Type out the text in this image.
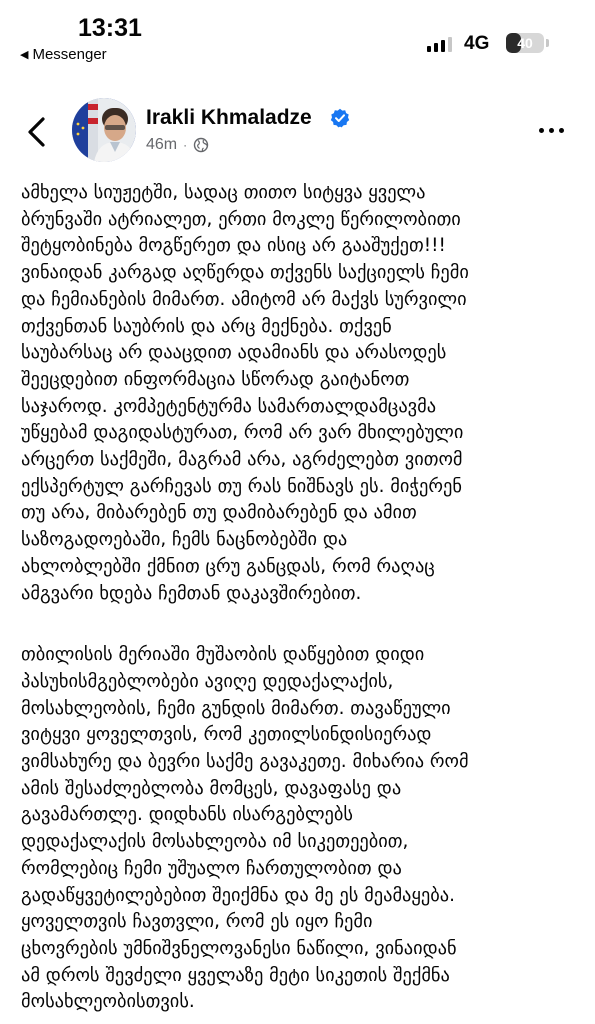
13:31
◀ Messenger
4G	40
Irakli Khmaladze
46m ·

ამხელა სიუჟეტში, სადაც თითო სიტყვა ყველა
ბრუნვაში ატრიალეთ, ერთი მოკლე წერილობითი
შეტყობინება მოგწერეთ და ისიც არ გააშუქეთ!!!
ვინაიდან კარგად აღწერდა თქვენს საქციელს ჩემი
და ჩემიანების მიმართ. ამიტომ არ მაქვს სურვილი
თქვენთან საუბრის და არც მექნება. თქვენ
საუბარსაც არ დააცდით ადამიანს და არასოდეს
შეეცდებით ინფორმაცია სწორად გაიტანოთ
საჯაროდ. კომპეტენტურმა სამართალდამცავმა
უწყებამ დაგიდასტურათ, რომ არ ვარ მხილებული
არცერთ საქმეში, მაგრამ არა, აგრძელებთ ვითომ
ექსპერტულ გარჩევას თუ რას ნიშნავს ეს. მიჭერენ
თუ არა, მიბარებენ თუ დამიბარებენ და ამით
საზოგადოებაში, ჩემს ნაცნობებში და
ახლობლებში ქმნით ცრუ განცდას, რომ რაღაც
ამგვარი ხდება ჩემთან დაკავშირებით.

თბილისის მერიაში მუშაობის დაწყებით დიდი
პასუხისმგებლობები ავიღე დედაქალაქის,
მოსახლეობის, ჩემი გუნდის მიმართ. თავაწეული
ვიტყვი ყოველთვის, რომ კეთილსინდისიერად
ვიმსახურე და ბევრი საქმე გავაკეთე. მიხარია რომ
ამის შესაძლებლობა მომცეს, დავაფასე და
გავამართლე. დიდხანს ისარგებლებს
დედაქალაქის მოსახლეობა იმ სიკეთეებით,
რომლებიც ჩემი უშუალო ჩართულობით და
გადაწყვეტილებებით შეიქმნა და მე ეს მეამაყება.
ყოველთვის ჩავთვლი, რომ ეს იყო ჩემი
ცხოვრების უმნიშვნელოვანესი ნაწილი, ვინაიდან
ამ დროს შევძელი ყველაზე მეტი სიკეთის შექმნა
მოსახლეობისთვის.
